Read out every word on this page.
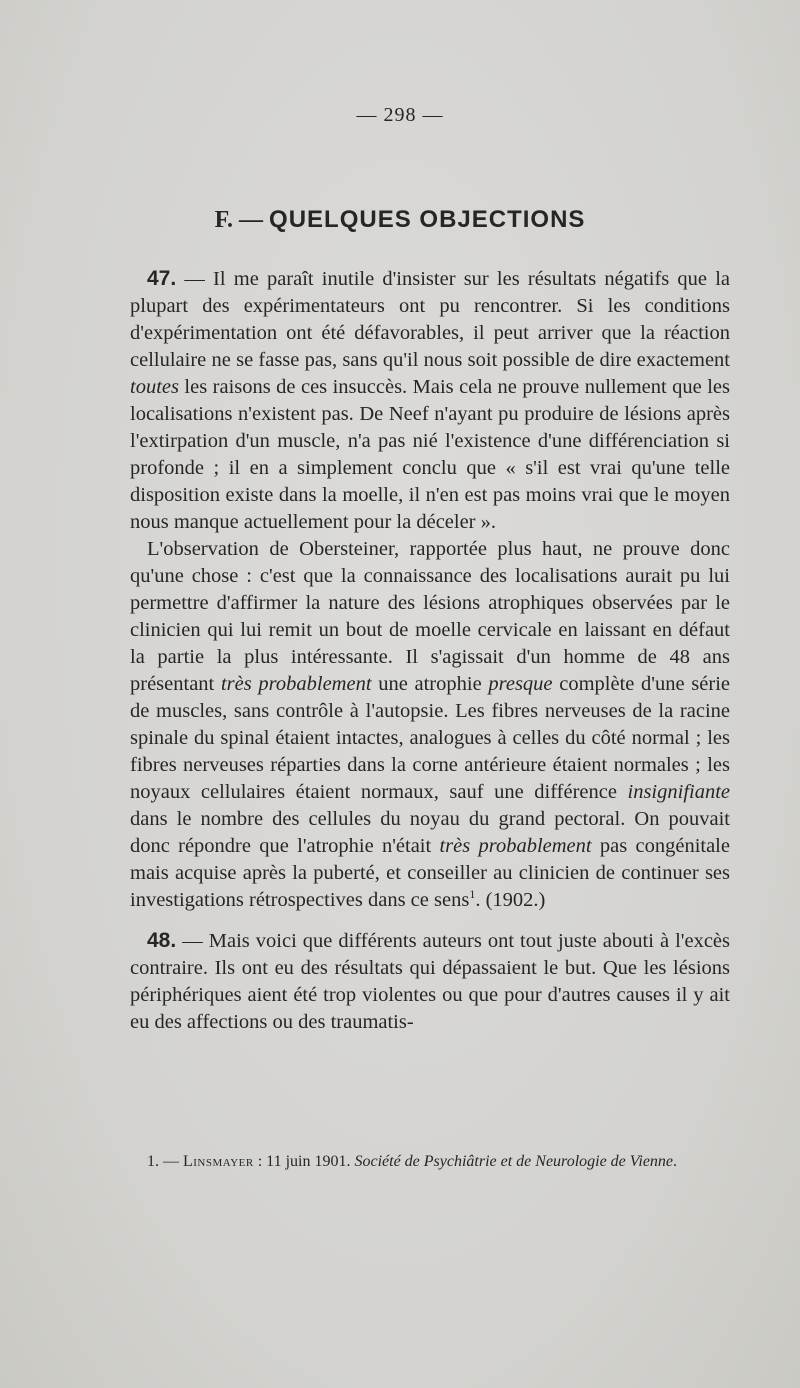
— 298 —
F. — QUELQUES OBJECTIONS

47. — Il me paraît inutile d'insister sur les résultats négatifs que la plupart des expérimentateurs ont pu rencontrer. Si les conditions d'expérimentation ont été défavorables, il peut arriver que la réaction cellulaire ne se fasse pas, sans qu'il nous soit possible de dire exactement toutes les raisons de ces insuccès. Mais cela ne prouve nullement que les localisations n'existent pas. De Neef n'ayant pu produire de lésions après l'extirpation d'un muscle, n'a pas nié l'existence d'une différenciation si profonde ; il en a simplement conclu que « s'il est vrai qu'une telle disposition existe dans la moelle, il n'en est pas moins vrai que le moyen nous manque actuellement pour la déceler ».

L'observation de Obersteiner, rapportée plus haut, ne prouve donc qu'une chose : c'est que la connaissance des localisations aurait pu lui permettre d'affirmer la nature des lésions atrophiques observées par le clinicien qui lui remit un bout de moelle cervicale en laissant en défaut la partie la plus intéressante. Il s'agissait d'un homme de 48 ans présentant très probablement une atrophie presque complète d'une série de muscles, sans contrôle à l'autopsie. Les fibres nerveuses de la racine spinale du spinal étaient intactes, analogues à celles du côté normal ; les fibres nerveuses réparties dans la corne antérieure étaient normales ; les noyaux cellulaires étaient normaux, sauf une différence insignifiante dans le nombre des cellules du noyau du grand pectoral. On pouvait donc répondre que l'atrophie n'était très probablement pas congénitale mais acquise après la puberté, et conseiller au clinicien de continuer ses investigations rétrospectives dans ce sens$^1$. (1902.)

48. — Mais voici que différents auteurs ont tout juste abouti à l'excès contraire. Ils ont eu des résultats qui dépassaient le but. Que les lésions périphériques aient été trop violentes ou que pour d'autres causes il y ait eu des affections ou des traumatis-

1. — Linsmayer : 11 juin 1901. Société de Psychiâtrie et de Neurologie de Vienne.
